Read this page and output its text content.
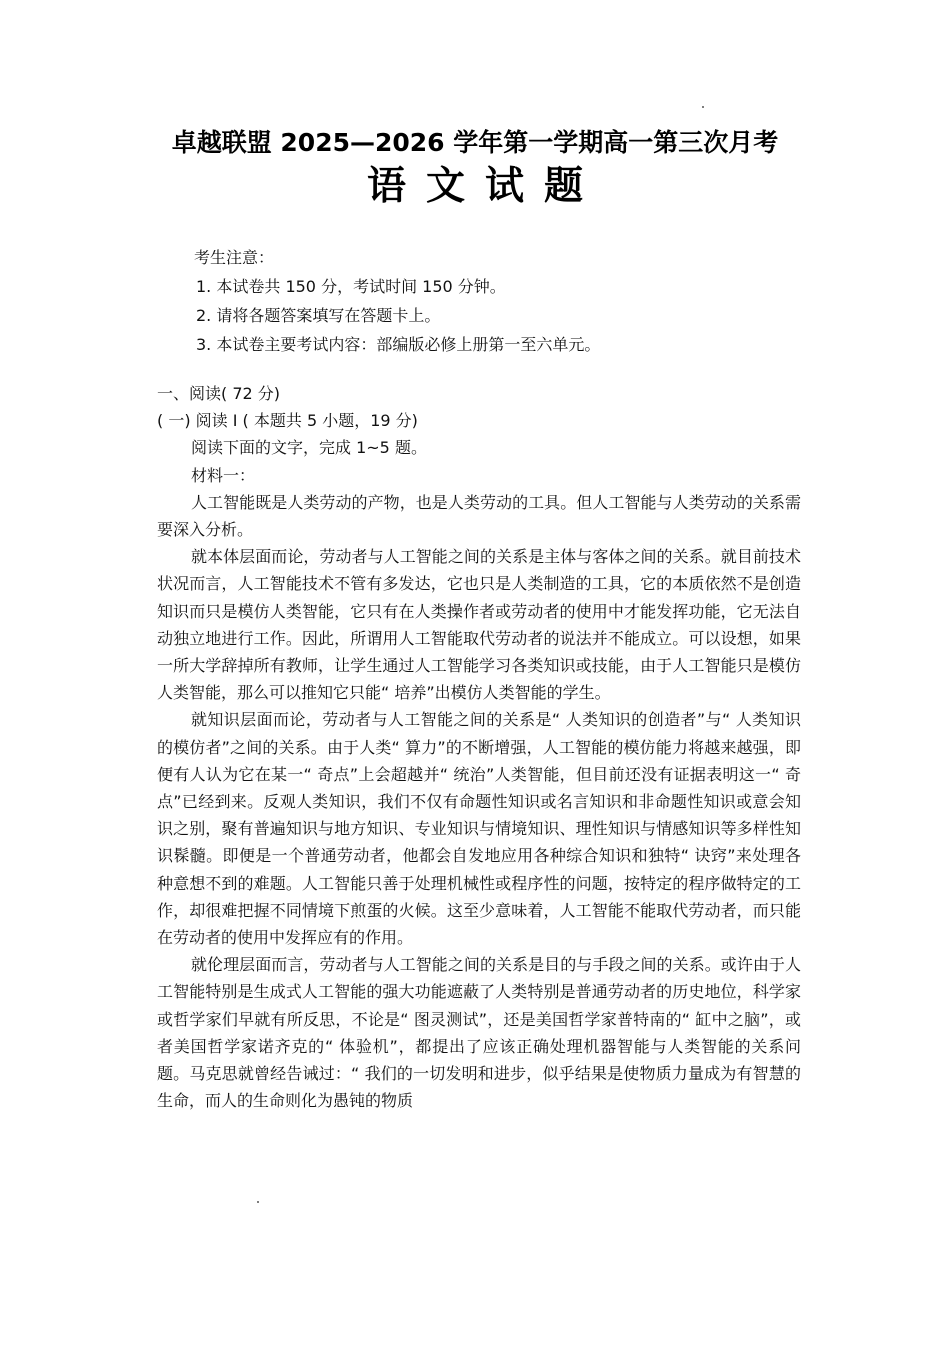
卓越联盟 2025—2026 学年第一学期高一第三次月考
语文试题
考生注意：
1. 本试卷共 150 分，考试时间 150 分钟。
2. 请将各题答案填写在答题卡上。
3. 本试卷主要考试内容：部编版必修上册第一至六单元。
一、阅读( 72 分)
( 一) 阅读 I ( 本题共 5 小题，19 分)
阅读下面的文字，完成 1~5 题。
材料一：

人工智能既是人类劳动的产物，也是人类劳动的工具。但人工智能与人类劳动的关系需要深入分析。

就本体层面而论，劳动者与人工智能之间的关系是主体与客体之间的关系。就目前技术状况而言，人工智能技术不管有多发达，它也只是人类制造的工具，它的本质依然不是创造知识而只是模仿人类智能，它只有在人类操作者或劳动者的使用中才能发挥功能，它无法自动独立地进行工作。因此，所谓用人工智能取代劳动者的说法并不能成立。可以设想，如果一所大学辞掉所有教师，让学生通过人工智能学习各类知识或技能，由于人工智能只是模仿人类智能，那么可以推知它只能“ 培养”出模仿人类智能的学生。

就知识层面而论，劳动者与人工智能之间的关系是“ 人类知识的创造者”与“ 人类知识的模仿者”之间的关系。由于人类“ 算力”的不断增强，人工智能的模仿能力将越来越强，即便有人认为它在某一“ 奇点”上会超越并“ 统治”人类智能，但目前还没有证据表明这一“ 奇点”已经到来。反观人类知识，我们不仅有命题性知识或名言知识和非命题性知识或意会知识之别，聚有普遍知识与地方知识、专业知识与情境知识、理性知识与情感知识等多样性知识髹髓。即便是一个普通劳动者，他都会自发地应用各种综合知识和独特“ 诀窍”来处理各种意想不到的难题。人工智能只善于处理机械性或程序性的问题，按特定的程序做特定的工作，却很难把握不同情境下煎蛋的火候。这至少意味着，人工智能不能取代劳动者，而只能在劳动者的使用中发挥应有的作用。

就伦理层面而言，劳动者与人工智能之间的关系是目的与手段之间的关系。或许由于人工智能特别是生成式人工智能的强大功能遮蔽了人类特别是普通劳动者的历史地位，科学家或哲学家们早就有所反思，不论是“ 图灵测试”，还是美国哲学家普特南的“ 缸中之脑”，或者美国哲学家诺齐克的“ 体验机”，都提出了应该正确处理机器智能与人类智能的关系问题。马克思就曾经告诫过：“ 我们的一切发明和进步，似乎结果是使物质力量成为有智慧的生命，而人的生命则化为愚钝的物质
